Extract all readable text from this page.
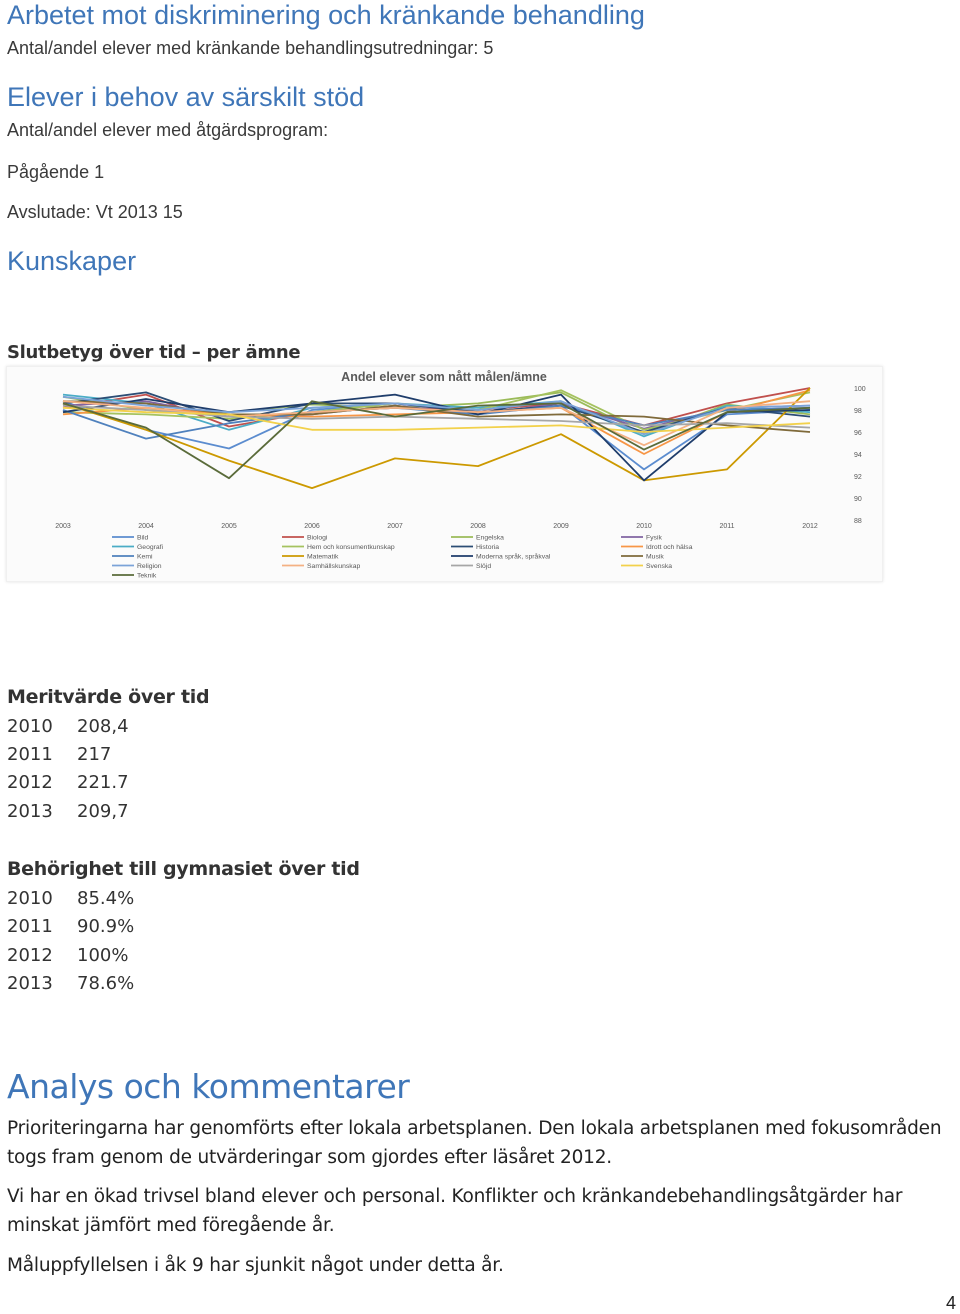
Arbetet mot diskriminering och kränkande behandling
Antal/andel elever med kränkande behandlingsutredningar: 5
Elever i behov av särskilt stöd
Antal/andel elever med åtgärdsprogram:
Pågående 1
Avslutade: Vt 2013 15
Kunskaper
Slutbetyg över tid – per ämne
Andel elever som nått målen/ämne
100
98
96
94
92
90
88
2003	2004	2005	2006	2007	2008	2009	2010	2011	2012
Bild	Biologi	Engelska	Fysik
Geografi	Hem och konsumentkunskap	Historia	Idrott och hälsa
Kemi	Matematik	Moderna språk, språkval	Musik
Religion	Samhällskunskap	Slöjd	Svenska
Teknik
Meritvärde över tid
2010 208,4
2011 217
2012 221.7
2013 209,7
Behörighet till gymnasiet över tid
2010 85.4%
2011 90.9%
2012 100%
2013 78.6%
Analys och kommentarer
Prioriteringarna har genomförts efter lokala arbetsplanen. Den lokala arbetsplanen med fokusområden togs fram genom de utvärderingar som gjordes efter läsåret 2012.
Vi har en ökad trivsel bland elever och personal. Konflikter och kränkandebehandlingsåtgärder har minskat jämfört med föregående år.
Måluppfyllelsen i åk 9 har sjunkit något under detta år.
4
